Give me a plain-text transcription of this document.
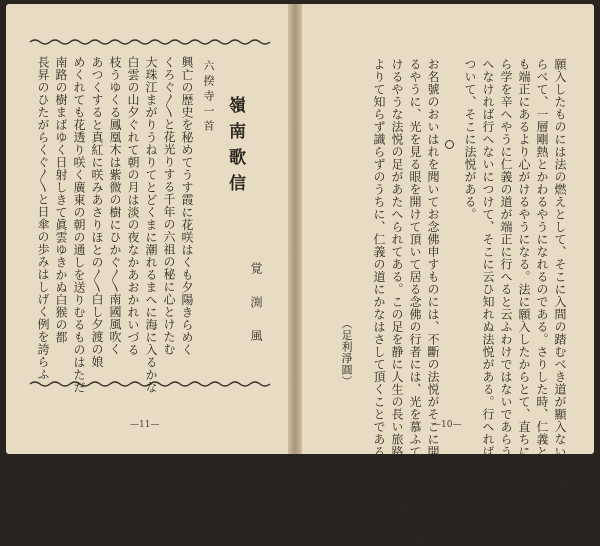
嶺南歌信
六揆寺一首
覚 渕 風
興亡の歴史を秘めてうす霞に花咲はくも夕陽きらめく
くろぐ〳〵と花光りする千年の六祖の秘に心とけたむ
大珠江まがりうねりてとどくまに潮れるまへに海に入るかな
白雲の山夕ぐれて朝の月は淡の夜なかあおかれいづる
枝うゆくる鳳凰木は紫微の樹にひかぐ〳〵南國風吹く
あつくすると真紅に咲みあさりほとの〳〵白し夕渡の娘
めくれても花透り咲く廣東の朝の通しを送りむるものはただ
南路の樹まばゆく日射しきて眞雲ゆきかぬ白猴の都
長昇のひたがらくぐ〳〵と日傘の歩みはしげく例を誇らふ
—11—	願入したものには法の燃えとして、そこに入間の踏むべき道が顯入ない以前にく
らべて、一層剛熱とかわるやうになれるのである。さりした時、仁義と云ふこと
も端正にあるより心がけるやうになる。法に願入したからとて、直ちにその場か
ら学を辛へやうに仁義の道が端正に行へると云ふわけではないであらうが、行
へなければ行へないにつけて、そこに云ひ知れぬ法悦がある。行へれば行へるに
ついて、そこに法悦がある。
お名號のおいはれを聞いてお念佛申すものには、不斷の法悦がそこに開けてく
るやうに、光を見る眼を開けて頂いて居る念佛の行者には、光を慕ふて不斷の歩をつゞ
けるやうな法悦の足があたへられてある。この足を静に人生の長い旅路を、法悦に
よりて知らず識らずのうちに、仁義の道にかなはさして頂くことである。
（足利淨圓）
—10—
